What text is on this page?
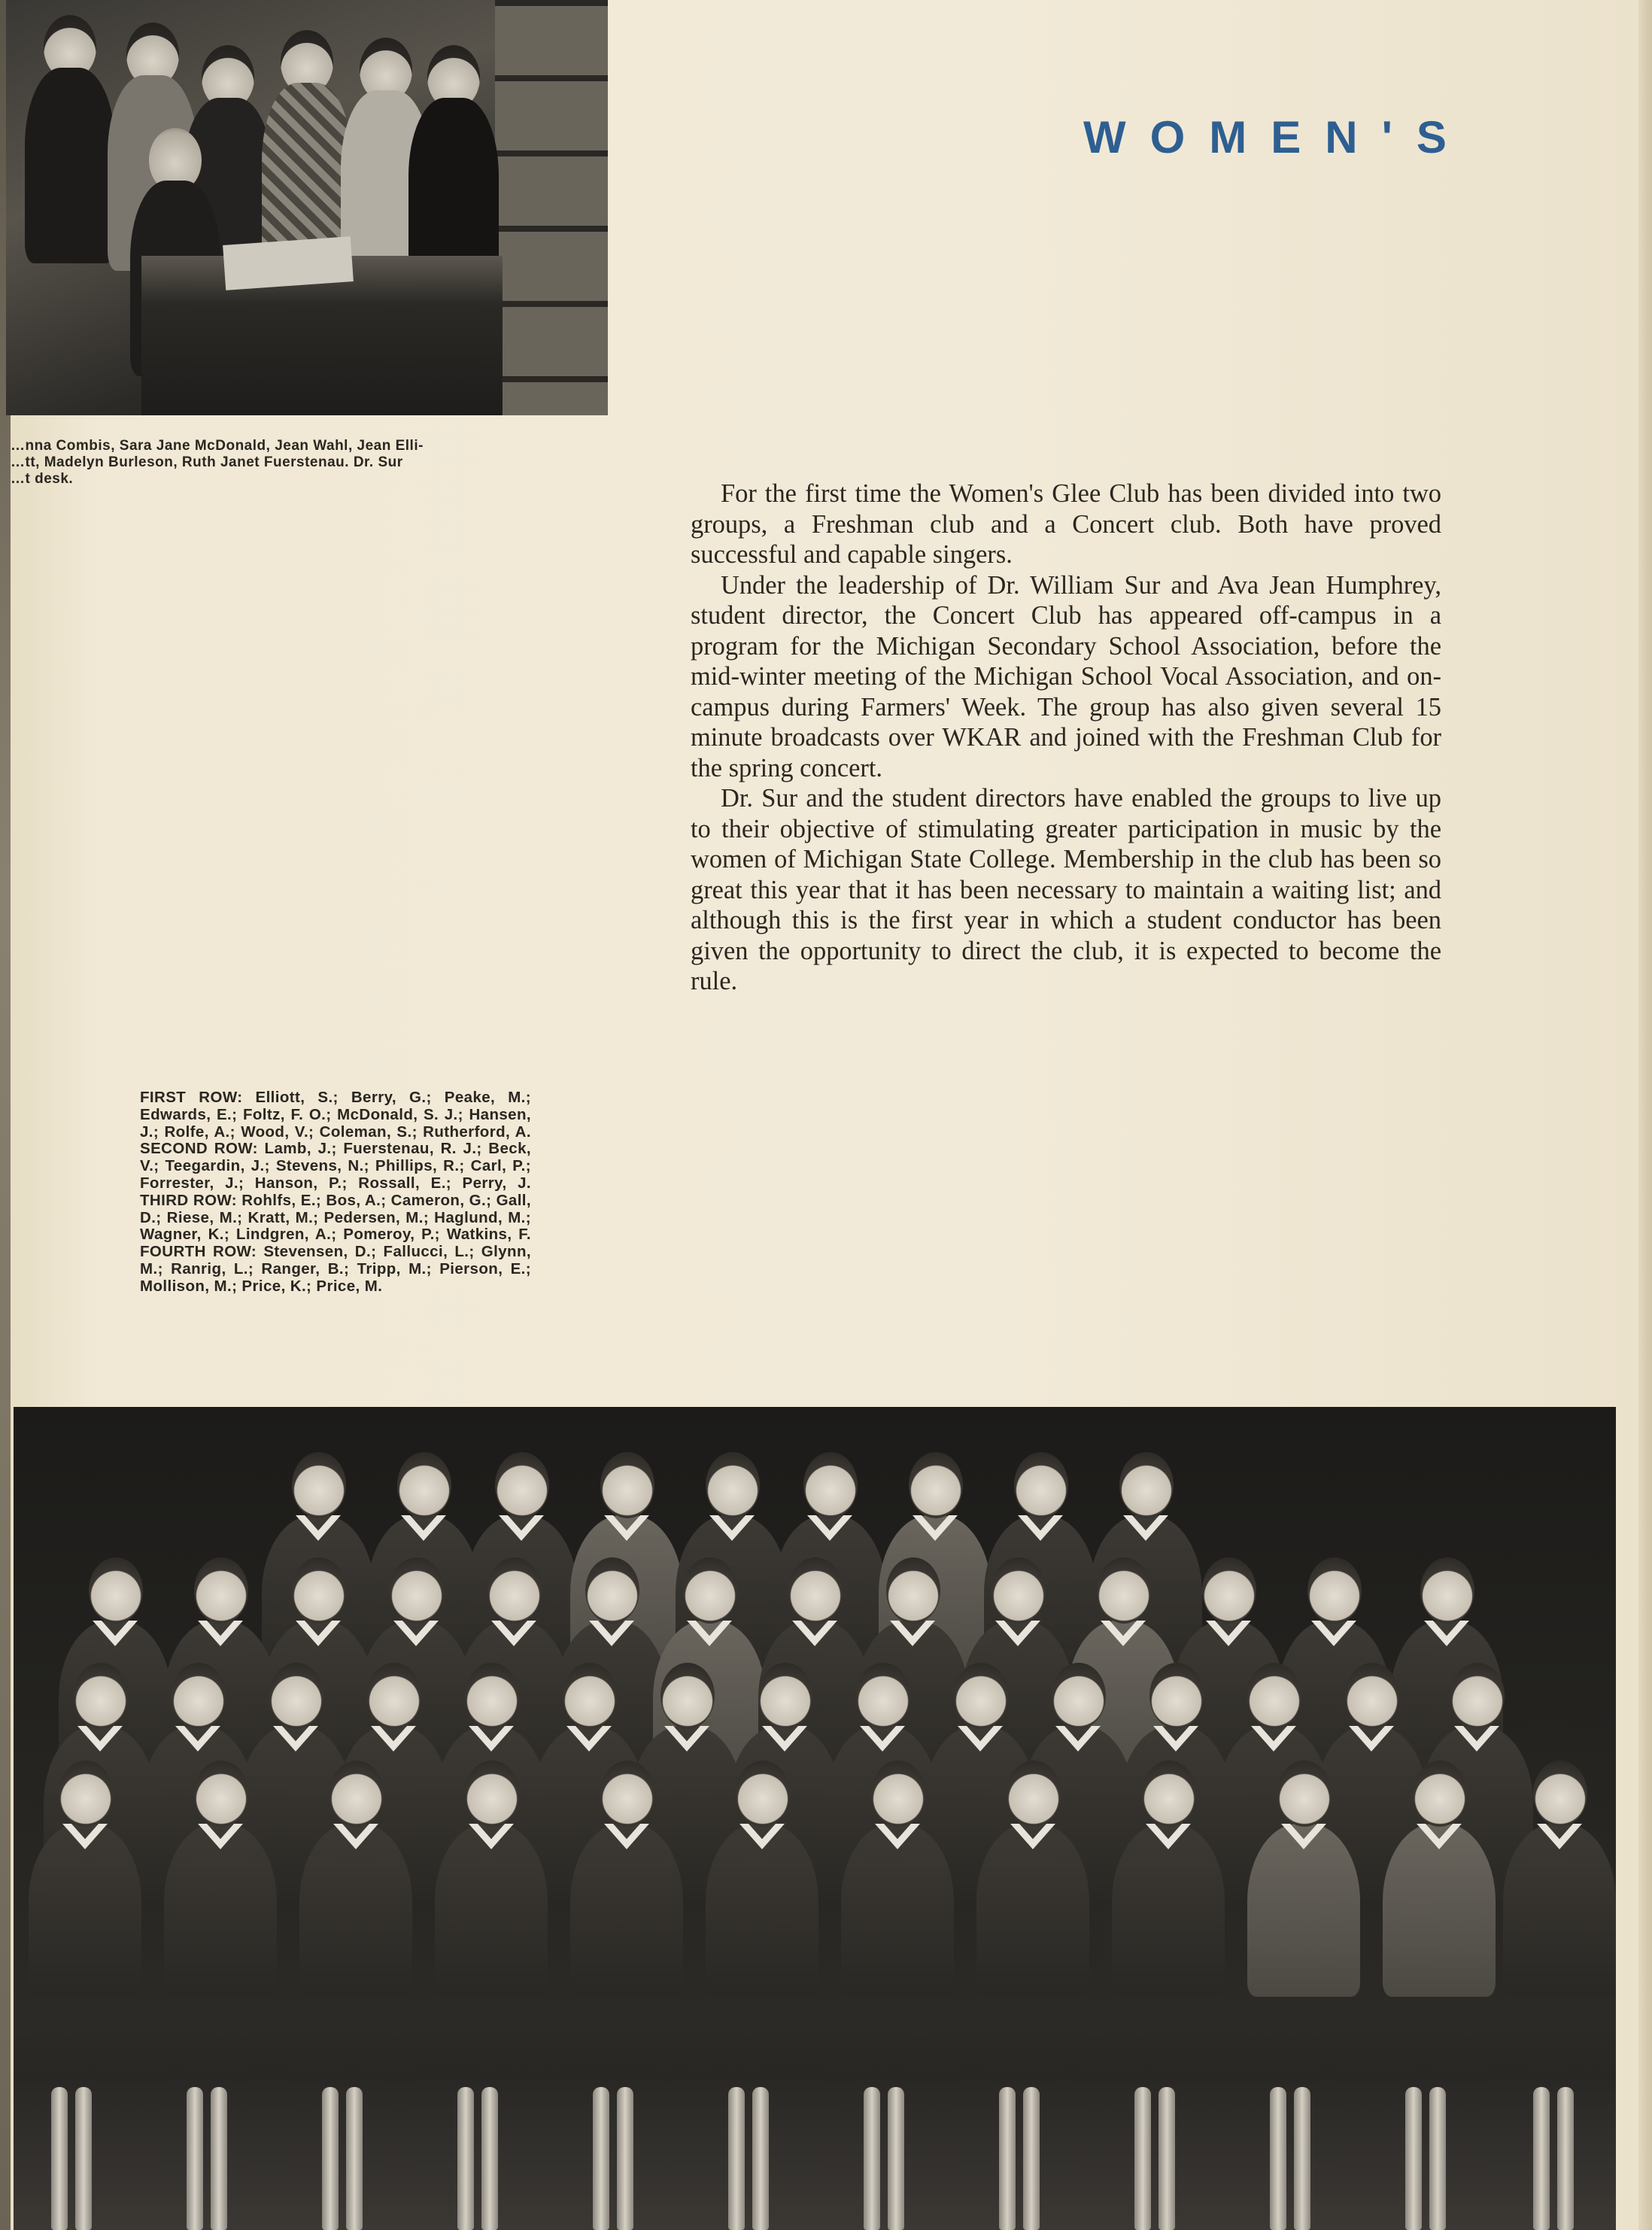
…nna Combis, Sara Jane McDonald, Jean Wahl, Jean Elli-
…tt, Madelyn Burleson, Ruth Janet Fuerstenau. Dr. Sur
…t desk.
WOMEN'S

For the first time the Women's Glee Club has been divided into two groups, a Freshman club and a Concert club. Both have proved successful and capable singers.

Under the leadership of Dr. William Sur and Ava Jean Humphrey, student director, the Concert Club has appeared off-campus in a program for the Michigan Secondary School Association, before the mid-winter meeting of the Michigan School Vocal Association, and on-campus during Farmers' Week. The group has also given several 15 minute broadcasts over WKAR and joined with the Freshman Club for the spring concert.

Dr. Sur and the student directors have enabled the groups to live up to their objective of stimulating greater participation in music by the women of Michigan State College. Membership in the club has been so great this year that it has been necessary to maintain a waiting list; and although this is the first year in which a student conductor has been given the opportunity to direct the club, it is expected to become the rule.

FIRST ROW: Elliott, S.; Berry, G.; Peake, M.; Edwards, E.; Foltz, F. O.; McDonald, S. J.; Hansen, J.; Rolfe, A.; Wood, V.; Coleman, S.; Rutherford, A. SECOND ROW: Lamb, J.; Fuerstenau, R. J.; Beck, V.; Teegardin, J.; Stevens, N.; Phillips, R.; Carl, P.; Forrester, J.; Hanson, P.; Rossall, E.; Perry, J. THIRD ROW: Rohlfs, E.; Bos, A.; Cameron, G.; Gall, D.; Riese, M.; Kratt, M.; Pedersen, M.; Haglund, M.; Wagner, K.; Lindgren, A.; Pomeroy, P.; Watkins, F. FOURTH ROW: Stevensen, D.; Fallucci, L.; Glynn, M.; Ranrig, L.; Ranger, B.; Tripp, M.; Pierson, E.; Mollison, M.; Price, K.; Price, M.
